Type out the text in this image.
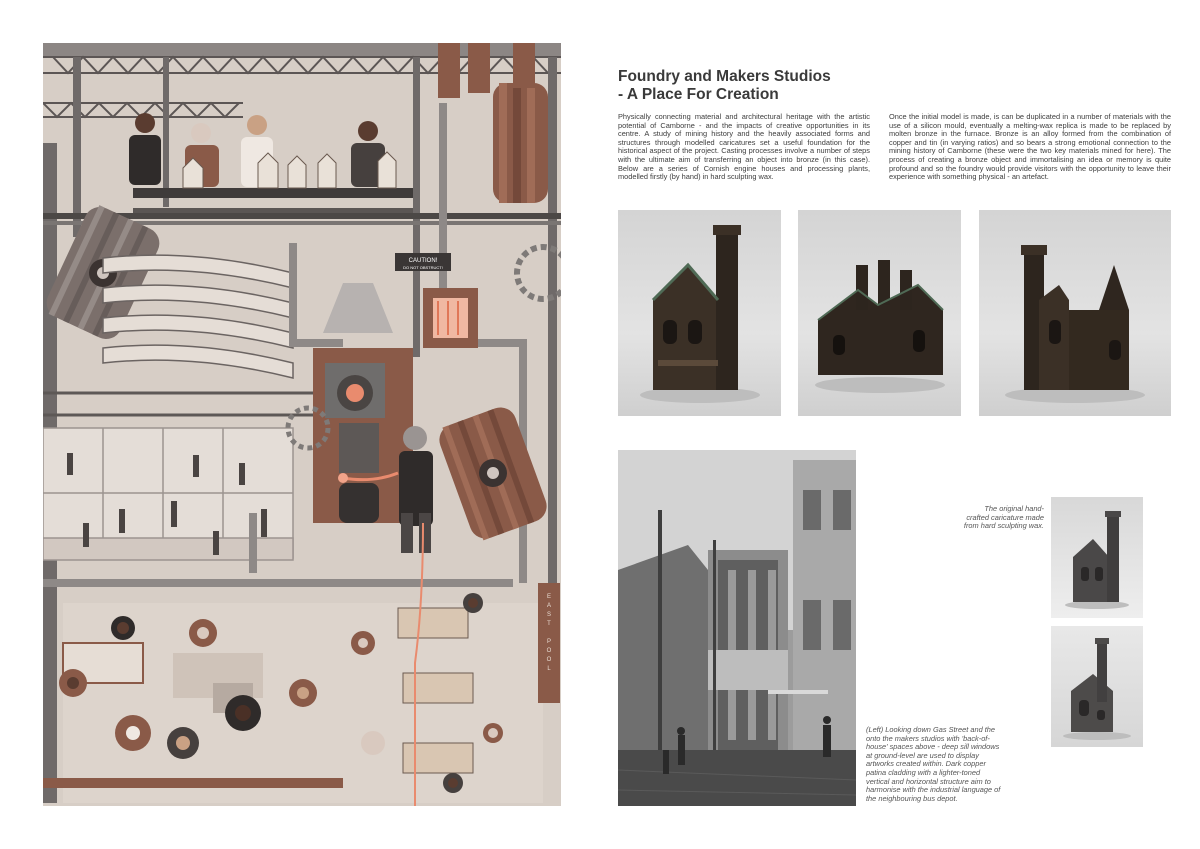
CAUTION!
DO NOT OBSTRUCT!
E
A
S
T
P
O
O
L
Foundry and Makers Studios
- A Place For Creation
Physically connecting material and architectural heritage with the artistic potential of Camborne - and the impacts of creative opportunities in its centre. A study of mining history and the heavily associated forms and structures through modelled caricatures set a useful foundation for the historical aspect of the project. Casting processes involve a number of steps with the ultimate aim of transferring an object into bronze (in this case). Below are a series of Cornish engine houses and processing plants, modelled firstly (by hand) in hard sculpting wax.
Once the initial model is made, is can be duplicated in a number of materials with the use of a silicon mould, eventually a melting-wax replica is made to be replaced by molten bronze in the furnace. Bronze is an alloy formed from the combination of copper and tin (in varying ratios) and so bears a strong emotional connection to the mining history of Camborne (these were the two key materials mined for here). The process of creating a bronze object and immortalising an idea or memory is quite profound and so the foundry would provide visitors with the opportunity to leave their experience with something physical - an artefact.
The original hand-crafted caricature made from hard sculpting wax.
(Left) Looking down Gas Street and the onto the makers studios with 'back-of-house' spaces above - deep sill windows at ground-level are used to display artworks created within. Dark copper patina cladding with a lighter-toned vertical and horizontal structure aim to harmonise with the industrial language of the neighbouring bus depot.
